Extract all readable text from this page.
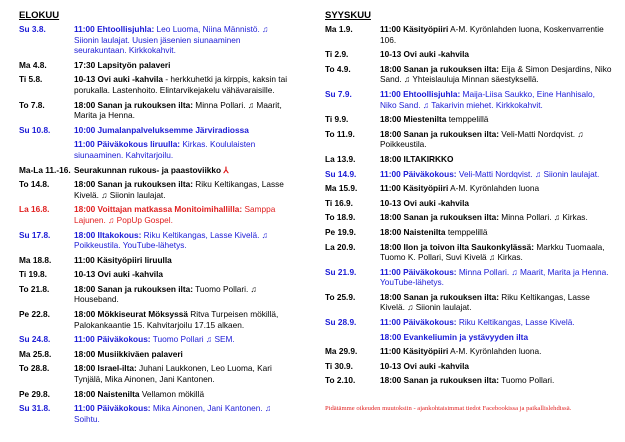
ELOKUU
Su 3.8.	11:00 Ehtoollisjuhla: Leo Luoma, Niina Männistö. ♫ Siionin laulajat. Uusien jäsenien siunaaminen seurakuntaan. Kirkkokahvit.
Ma 4.8.	17:30 Lapsityön palaveri
Ti 5.8.	10-13 Ovi auki -kahvila - herkkuhetki ja kirppis, kaksin tai porukalla. Lastenhoito. Elintarvikejakelu vähävaraisille.
To 7.8.	18:00 Sanan ja rukouksen ilta: Minna Pollari. ♫ Maarit, Marita ja Henna.
Su 10.8.	10:00 Jumalanpalveluksemme Järviradiossa
11:00 Päiväkokous liruulla: Kirkas. Koululaisten siunaaminen. Kahvitarjoilu.
Ma-La 11.-16. Seurakunnan rukous- ja paastoviikko ⅄
To 14.8.	18:00 Sanan ja rukouksen ilta: Riku Keltikangas, Lasse Kivelä. ♫ Siionin laulajat.
La 16.8.	18:00 Voittajan matkassa Monitoimihallilla: Samppa Lajunen. ♫ PopUp Gospel.
Su 17.8.	18:00 Iltakokous: Riku Keltikangas, Lasse Kivelä. ♫ Poikkeustila. YouTube-lähetys.
Ma 18.8.	11:00 Käsityöpiiri liruulla
Ti 19.8.	10-13 Ovi auki -kahvila
To 21.8.	18:00 Sanan ja rukouksen ilta: Tuomo Pollari. ♫ Houseband.
Pe 22.8.	18:00 Mökkiseurat Möksyssä Ritva Turpeisen mökillä, Palokankaantie 15. Kahvitarjoilu 17.15 alkaen.
Su 24.8.	11:00 Päiväkokous: Tuomo Pollari ♫ SEM.
Ma 25.8.	18:00 Musiikkiväen palaveri
To 28.8.	18:00 Israel-ilta: Juhani Laukkonen, Leo Luoma, Kari Tynjälä, Mika Ainonen, Jani Kantonen.
Pe 29.8.	18:00 Naistenilta Vellamon mökillä
Su 31.8.	11:00 Päiväkokous: Mika Ainonen, Jani Kantonen. ♫ Soihtu.
SYYSKUU
Ma 1.9.	11:00 Käsityöpiiri A-M. Kyrönlahden luona, Koskenvarrentie 106.
Ti 2.9.	10-13 Ovi auki -kahvila
To 4.9.	18:00 Sanan ja rukouksen ilta: Eija & Simon Desjardins, Niko Sand. ♫ Yhteislauluja Minnan säestyksellä.
Su 7.9.	11:00 Ehtoollisjuhla: Maija-Liisa Saukko, Eine Hanhisalo, Niko Sand. ♫ Takarivin miehet. Kirkkokahvit.
Ti 9.9.	18:00 Miestenilta temppelillä
To 11.9.	18:00 Sanan ja rukouksen ilta: Veli-Matti Nordqvist. ♫ Poikkeustila.
La 13.9.	18:00 ILTAKIRKKO
Su 14.9.	11:00 Päiväkokous: Veli-Matti Nordqvist. ♫ Siionin laulajat.
Ma 15.9.	11:00 Käsityöpiiri A-M. Kyrönlahden luona
Ti 16.9.	10-13 Ovi auki -kahvila
To 18.9.	18:00 Sanan ja rukouksen ilta: Minna Pollari. ♫ Kirkas.
Pe 19.9.	18:00 Naistenilta temppelillä
La 20.9.	18:00 Ilon ja toivon ilta Saukonkylässä: Markku Tuomaala, Tuomo K. Pollari, Suvi Kivelä ♫ Kirkas.
Su 21.9.	11:00 Päiväkokous: Minna Pollari. ♫ Maarit, Marita ja Henna. YouTube-lähetys.
To 25.9.	18:00 Sanan ja rukouksen ilta: Riku Keltikangas, Lasse Kivelä. ♫ Siionin laulajat.
Su 28.9.	11:00 Päiväkokous: Riku Keltikangas, Lasse Kivelä.
18:00 Evankeliumin ja ystävyyden ilta
Ma 29.9.	11:00 Käsityöpiiri A-M. Kyrönlahden luona.
Ti 30.9.	10-13 Ovi auki -kahvila
To 2.10.	18:00 Sanan ja rukouksen ilta: Tuomo Pollari.
Pidätämme oikeuden muutoksiin - ajankohtaisimmat tiedot Facebookissa ja paikallislehdissä.
